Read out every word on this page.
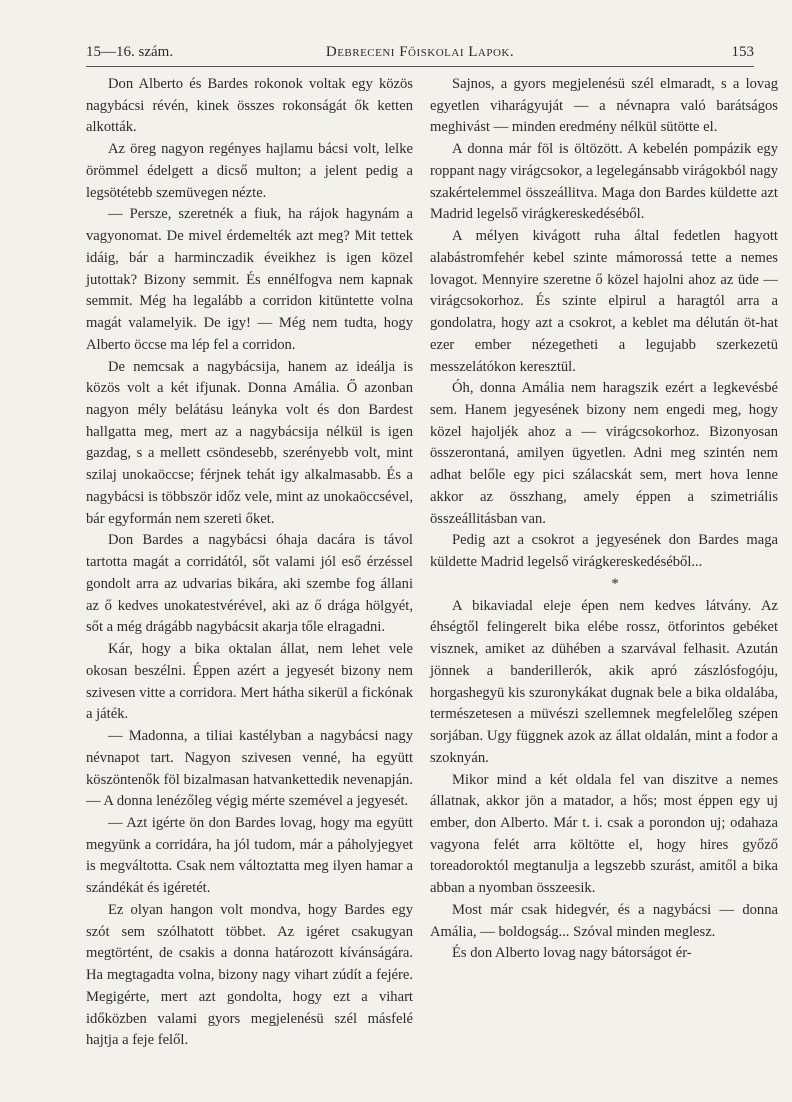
15—16. szám.	Debreceni Főiskolai Lapok.	153

Don Alberto és Bardes rokonok voltak egy közös nagybácsi révén, kinek összes rokonságát ők ketten alkották.

Az öreg nagyon regényes hajlamu bácsi volt, lelke örömmel édelgett a dicső multon; a jelent pedig a legsötétebb szemüvegen nézte.

— Persze, szeretnék a fiuk, ha rájok hagynám a vagyonomat. De mivel érdemelték azt meg? Mit tettek idáig, bár a harminczadik éveikhez is igen közel jutottak? Bizony semmit. És ennélfogva nem kapnak semmit. Még ha legalább a corridon kitüntette volna magát valamelyik. De igy! — Még nem tudta, hogy Alberto öccse ma lép fel a corridon.

De nemcsak a nagybácsija, hanem az ideálja is közös volt a két ifjunak. Donna Amália. Ő azonban nagyon mély belátásu leányka volt és don Bardest hallgatta meg, mert az a nagybácsija nélkül is igen gazdag, s a mellett csöndesebb, szerényebb volt, mint szilaj unokaöccse; férjnek tehát igy alkalmasabb. És a nagybácsi is többször időz vele, mint az unokaöccsével, bár egyformán nem szereti őket.

Don Bardes a nagybácsi óhaja dacára is távol tartotta magát a corridától, sőt valami jól eső érzéssel gondolt arra az udvarias bikára, aki szembe fog állani az ő kedves unokatestvérével, aki az ő drága hölgyét, sőt a még drágább nagybácsit akarja tőle elragadni.

Kár, hogy a bika oktalan állat, nem lehet vele okosan beszélni. Éppen azért a jegyesét bizony nem szivesen vitte a corridora. Mert hátha sikerül a fickónak a játék.

— Madonna, a tiliai kastélyban a nagybácsi nagy névnapot tart. Nagyon szivesen venné, ha együtt köszöntenők föl bizalmasan hatvankettedik nevenapján. — A donna lenézőleg végig mérte szemével a jegyesét.

— Azt igérte ön don Bardes lovag, hogy ma együtt megyünk a corridára, ha jól tudom, már a páholyjegyet is megváltotta. Csak nem változtatta meg ilyen hamar a szándékát és igéretét.

Ez olyan hangon volt mondva, hogy Bardes egy szót sem szólhatott többet. Az igéret csakugyan megtörtént, de csakis a donna határozott kívánságára. Ha megtagadta volna, bizony nagy vihart zúdít a fejére. Megigérte, mert azt gondolta, hogy ezt a vihart időközben valami gyors megjelenésü szél másfelé hajtja a feje felől.

Sajnos, a gyors megjelenésü szél elmaradt, s a lovag egyetlen viharágyuját — a névnapra való barátságos meghivást — minden eredmény nélkül sütötte el.

A donna már föl is öltözött. A kebelén pompázik egy roppant nagy virágcsokor, a legelegánsabb virágokból nagy szakértelemmel összeállitva. Maga don Bardes küldette azt Madrid legelső virágkereskedéséből.

A mélyen kivágott ruha által fedetlen hagyott alabástromfehér kebel szinte mámorossá tette a nemes lovagot. Mennyire szeretne ő közel hajolni ahoz az üde — virágcsokorhoz. És szinte elpirul a haragtól arra a gondolatra, hogy azt a csokrot, a keblet ma délután öt-hat ezer ember nézegetheti a legujabb szerkezetü messzelátókon keresztül.

Óh, donna Amália nem haragszik ezért a legkevésbé sem. Hanem jegyesének bizony nem engedi meg, hogy közel hajoljék ahoz a — virágcsokorhoz. Bizonyosan összerontaná, amilyen ügyetlen. Adni meg szintén nem adhat belőle egy pici szálacskát sem, mert hova lenne akkor az összhang, amely éppen a szimetriális összeállitásban van.

Pedig azt a csokrot a jegyesének don Bardes maga küldette Madrid legelső virágkereskedéséből...

*

A bikaviadal eleje épen nem kedves látvány. Az éhségtől felingerelt bika elébe rossz, ötforintos gebéket visznek, amiket az dühében a szarvával felhasit. Azután jönnek a banderillerók, akik apró zászlósfogóju, horgashegyü kis szuronykákat dugnak bele a bika oldalába, természetesen a müvészi szellemnek megfelelőleg szépen sorjában. Ugy függnek azok az állat oldalán, mint a fodor a szoknyán.

Mikor mind a két oldala fel van diszitve a nemes állatnak, akkor jön a matador, a hős; most éppen egy uj ember, don Alberto. Már t. i. csak a porondon uj; odahaza vagyona felét arra költötte el, hogy hires győző toreadoroktól megtanulja a legszebb szurást, amitől a bika abban a nyomban összeesik.

Most már csak hidegvér, és a nagybácsi — donna Amália, — boldogság... Szóval minden meglesz.

És don Alberto lovag nagy bátorságot ér-
